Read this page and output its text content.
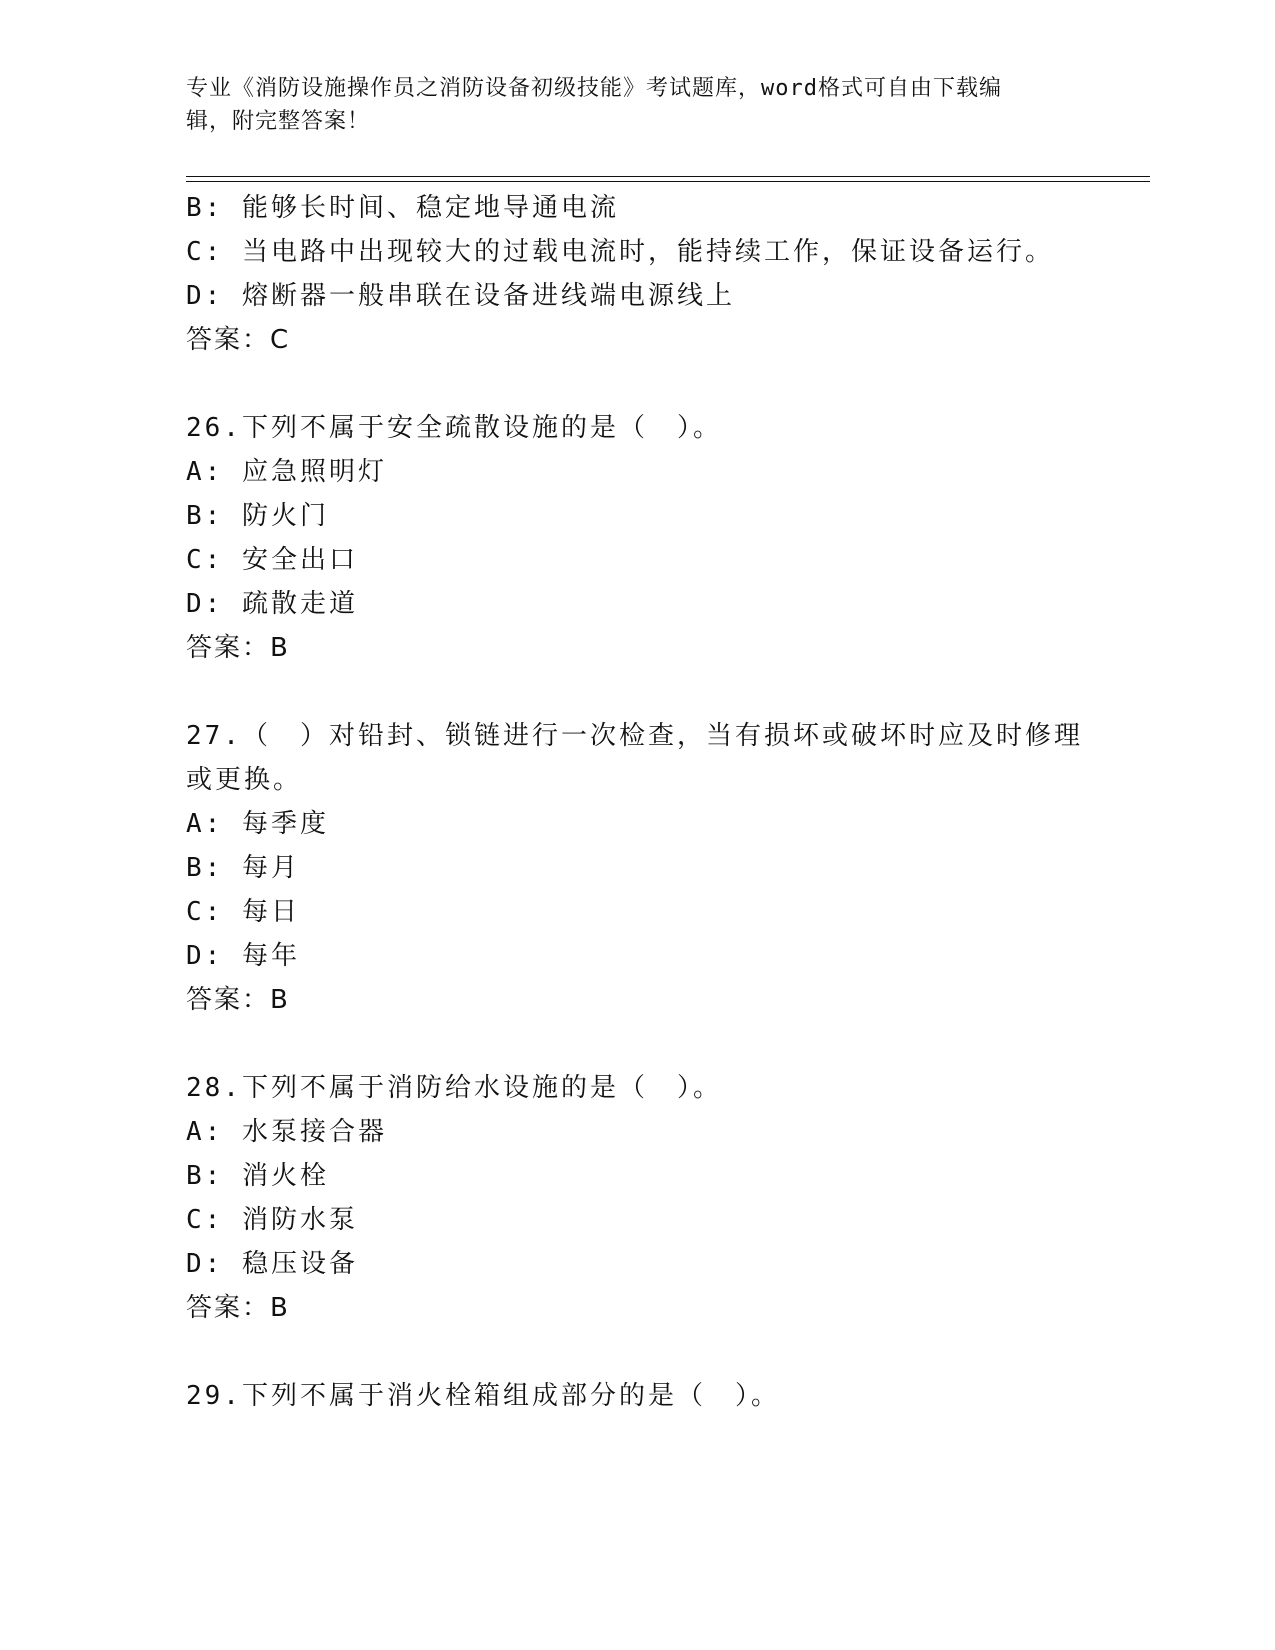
专业《消防设施操作员之消防设备初级技能》考试题库，word格式可自由下载编
辑，附完整答案！
B: 能够长时间、稳定地导通电流
C: 当电路中出现较大的过载电流时，能持续工作，保证设备运行。
D: 熔断器一般串联在设备进线端电源线上
答案：C
26.下列不属于安全疏散设施的是（　）。
A: 应急照明灯
B: 防火门
C: 安全出口
D: 疏散走道
答案：B
27.（　）对铅封、锁链进行一次检查，当有损坏或破坏时应及时修理
或更换。
A: 每季度
B: 每月
C: 每日
D: 每年
答案：B
28.下列不属于消防给水设施的是（　）。
A: 水泵接合器
B: 消火栓
C: 消防水泵
D: 稳压设备
答案：B
29.下列不属于消火栓箱组成部分的是（　）。
